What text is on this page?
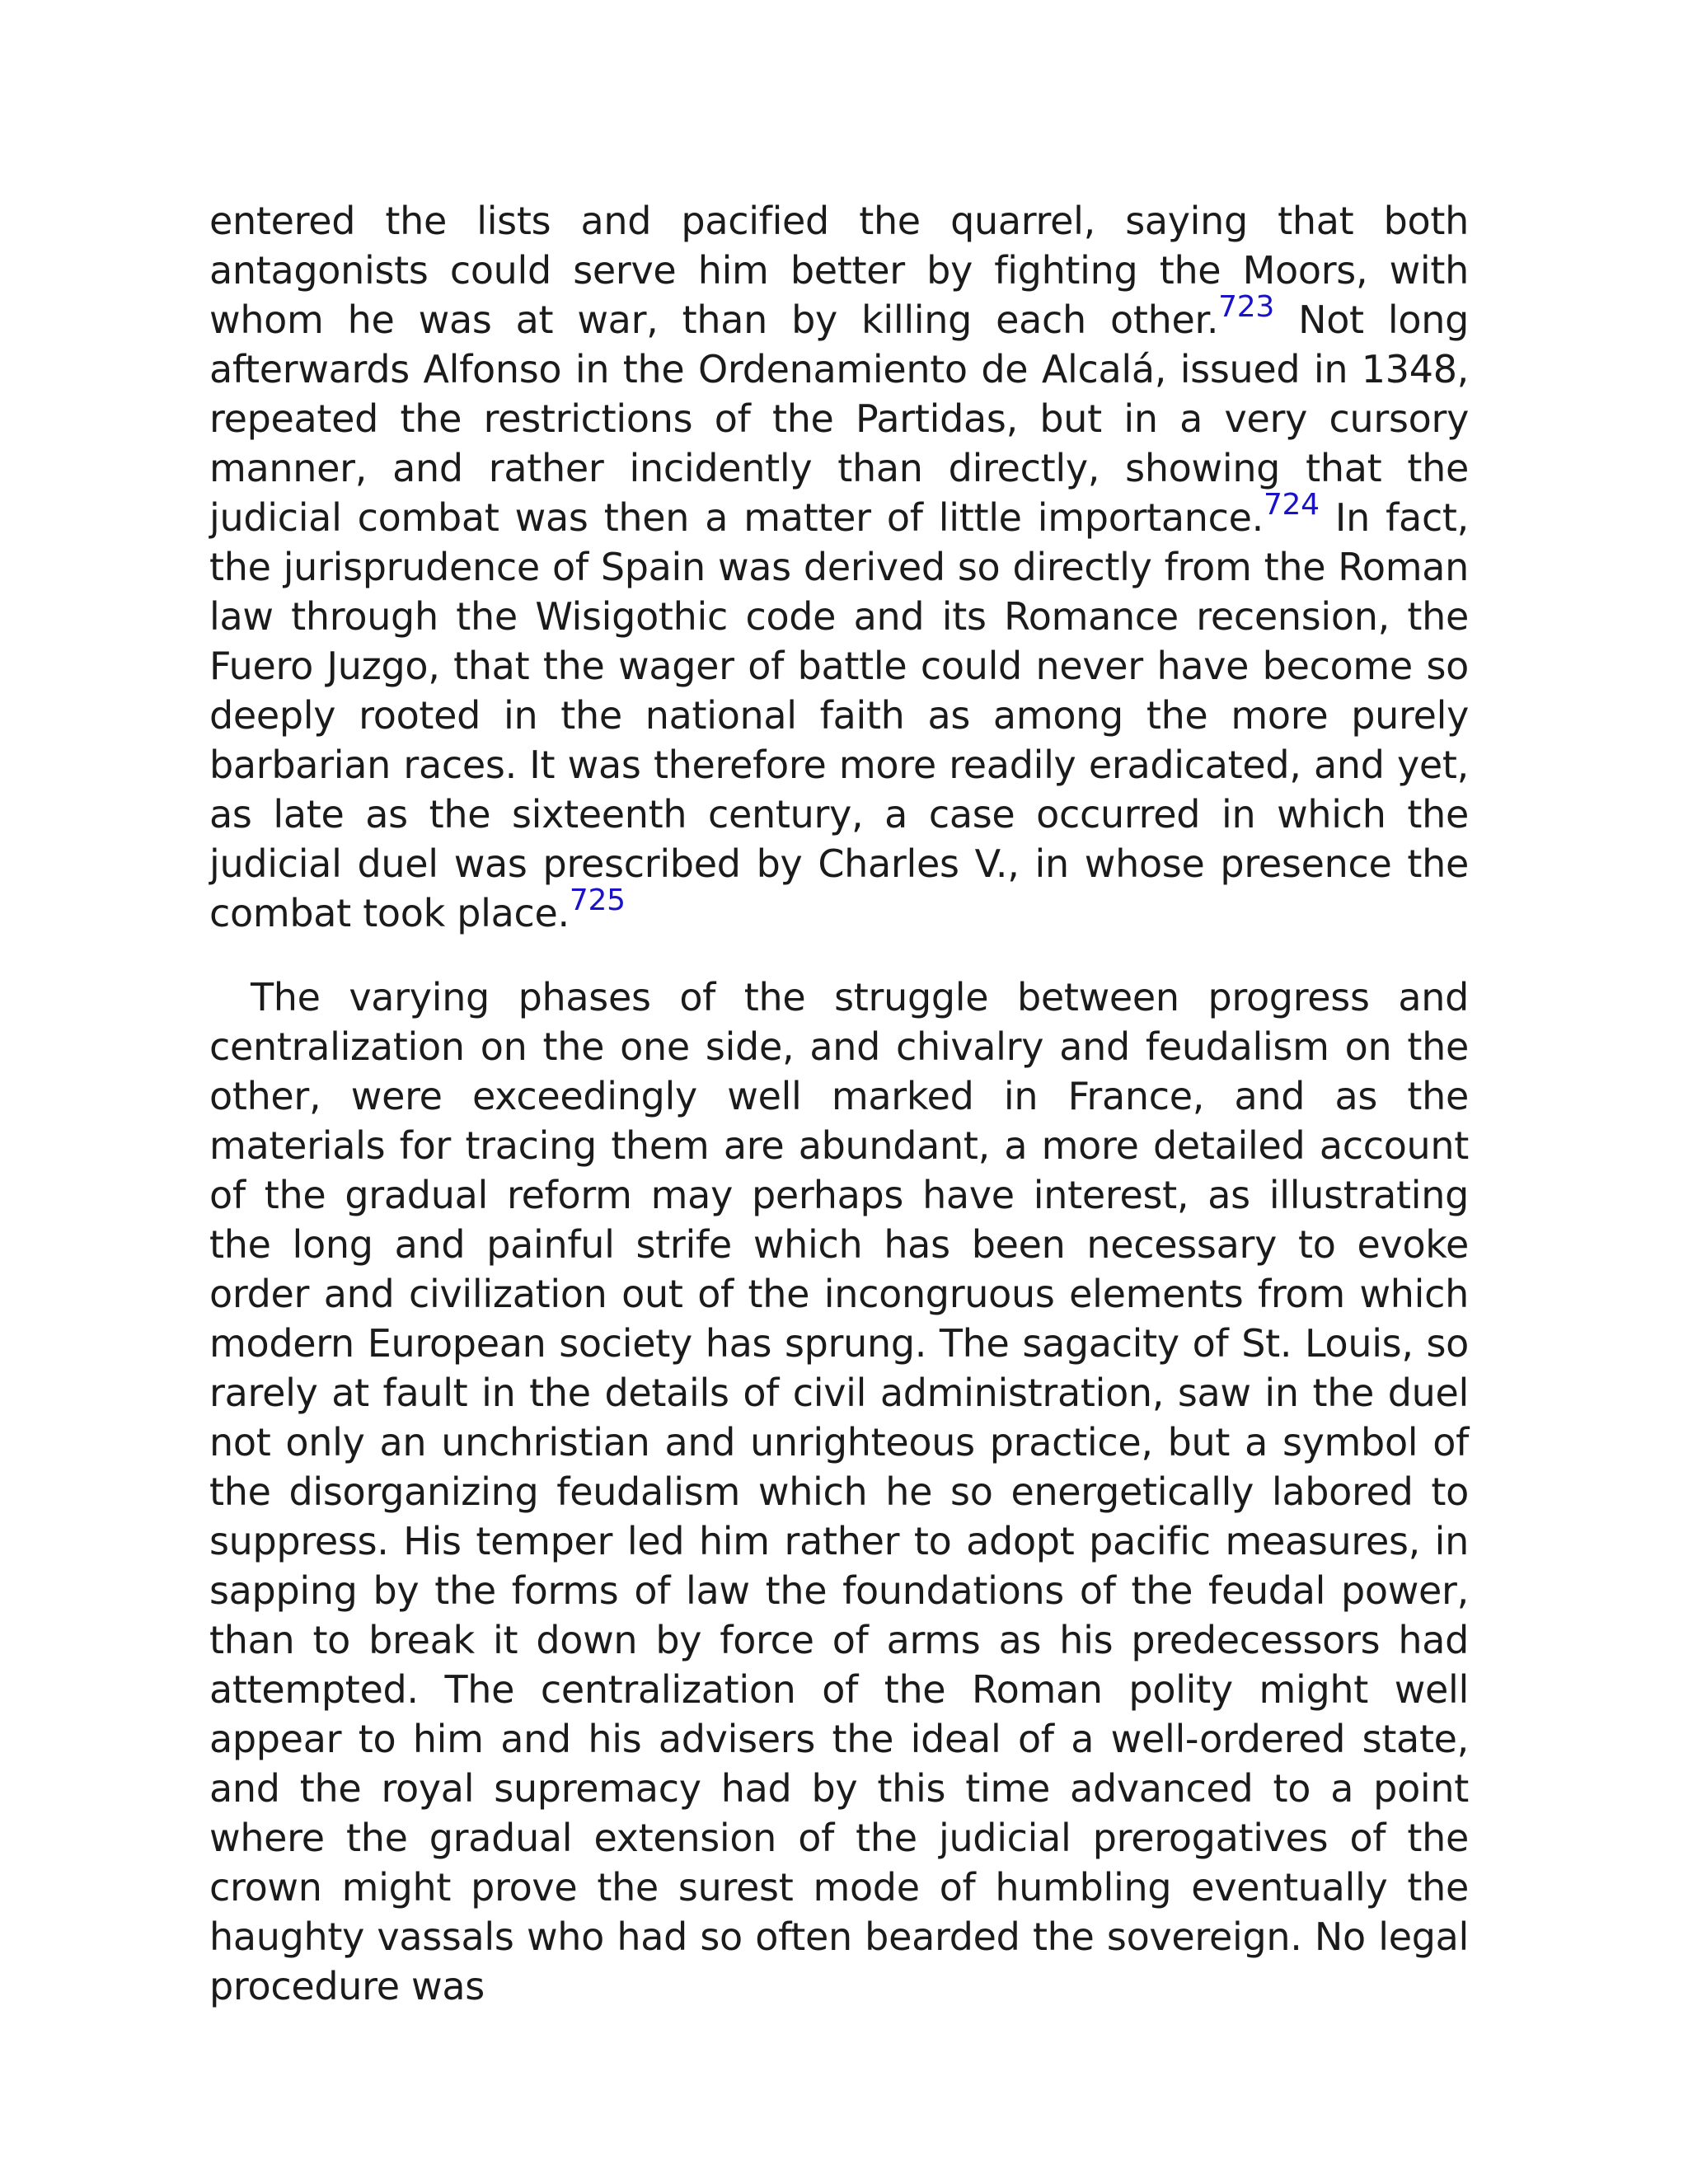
entered the lists and pacified the quarrel, saying that both antagonists could serve him better by fighting the Moors, with whom he was at war, than by killing each other.$^{723}$ Not long afterwards Alfonso in the Ordenamiento de Alcalá, issued in 1348, repeated the restrictions of the Partidas, but in a very cursory manner, and rather incidently than directly, showing that the judicial combat was then a matter of little importance.$^{724}$ In fact, the jurisprudence of Spain was derived so directly from the Roman law through the Wisigothic code and its Romance recension, the Fuero Juzgo, that the wager of battle could never have become so deeply rooted in the national faith as among the more purely barbarian races. It was therefore more readily eradicated, and yet, as late as the sixteenth century, a case occurred in which the judicial duel was prescribed by Charles V., in whose presence the combat took place.$^{725}$

The varying phases of the struggle between progress and centralization on the one side, and chivalry and feudalism on the other, were exceedingly well marked in France, and as the materials for tracing them are abundant, a more detailed account of the gradual reform may perhaps have interest, as illustrating the long and painful strife which has been necessary to evoke order and civilization out of the incongruous elements from which modern European society has sprung. The sagacity of St. Louis, so rarely at fault in the details of civil administration, saw in the duel not only an unchristian and unrighteous practice, but a symbol of the disorganizing feudalism which he so energetically labored to suppress. His temper led him rather to adopt pacific measures, in sapping by the forms of law the foundations of the feudal power, than to break it down by force of arms as his predecessors had attempted. The centralization of the Roman polity might well appear to him and his advisers the ideal of a well-ordered state, and the royal supremacy had by this time advanced to a point where the gradual extension of the judicial prerogatives of the crown might prove the surest mode of humbling eventually the haughty vassals who had so often bearded the sovereign. No legal procedure was
